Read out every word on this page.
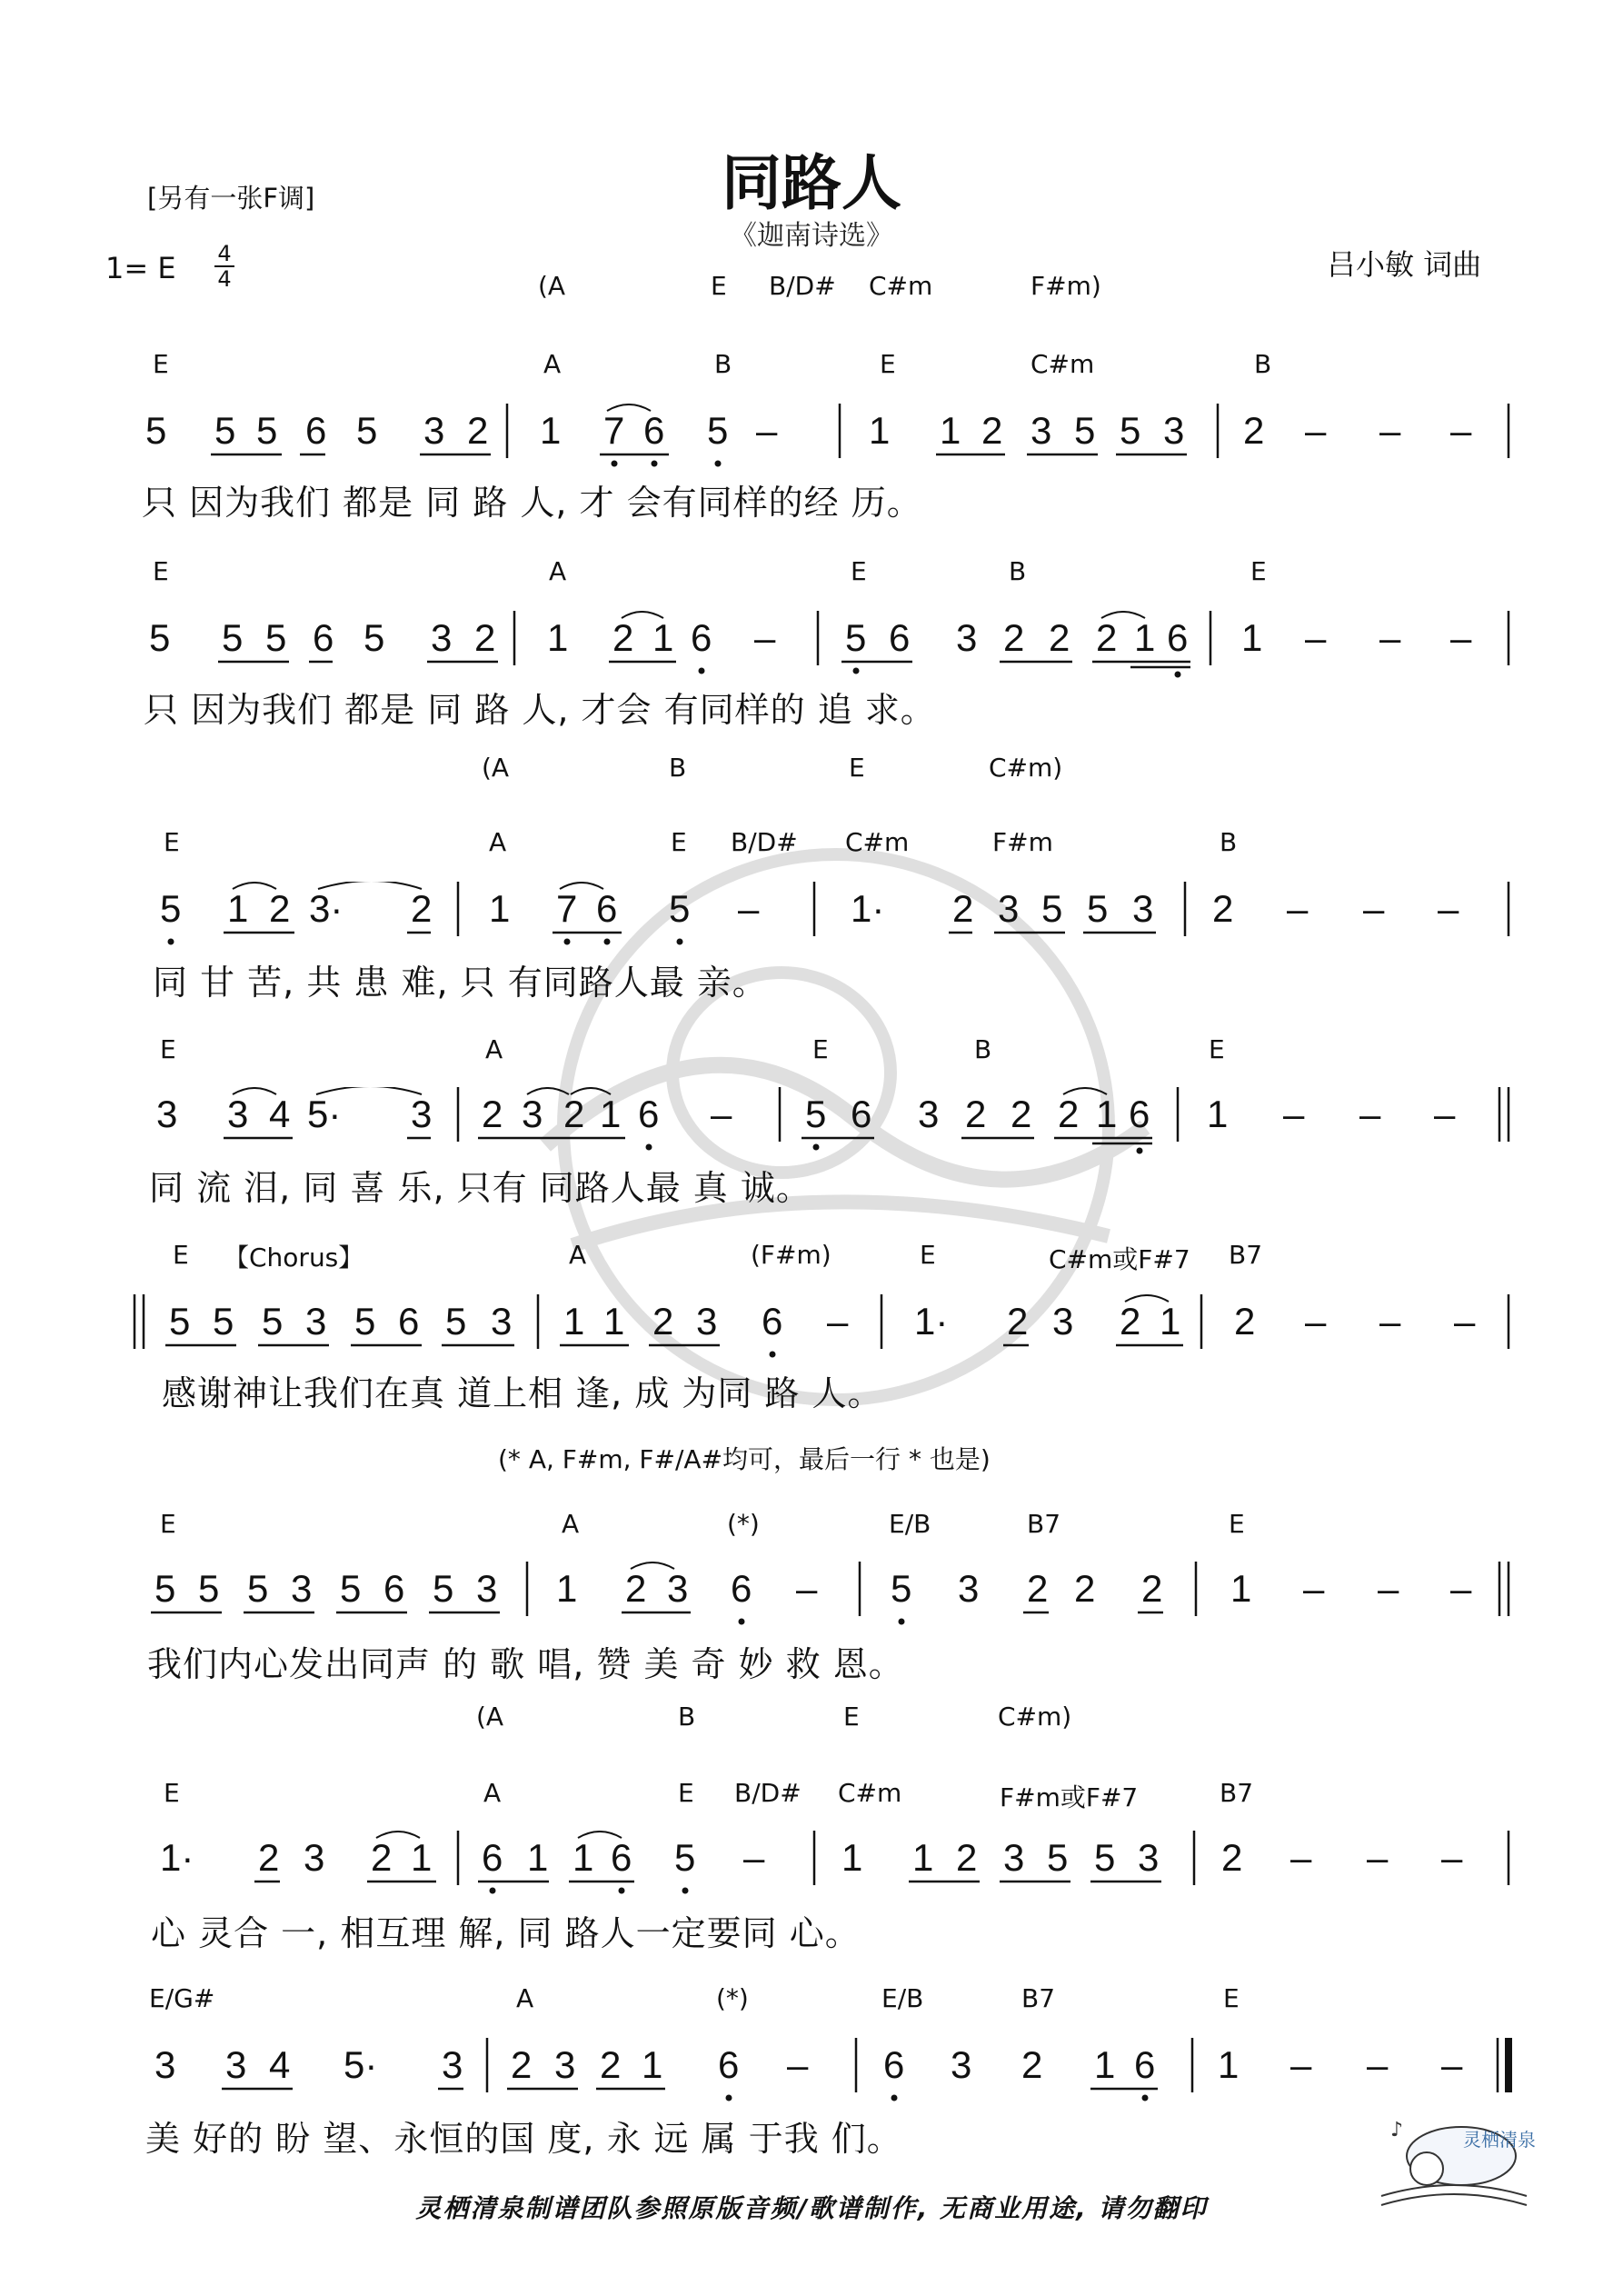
同路人
《迦南诗选》
[另有一张F调]
1= E 4
4	吕小敏 词曲
(A	E B/D# C#m	F#m)
E	A	B	E	C#m	B
5 5 5 6 5 3 2 1 7 6 5 – 1 1 2 3 5 5 3 2 – – –
只 因为我们 都是 同 路 人, 才 会有同样的经 历。
E	A	E	B	E
5 5 5 6 5 3 2 1 2 1 6 – 5 6 3 2 2 2 1 6 1 – – –
只 因为我们 都是 同 路 人, 才会 有同样的 追 求。
(A	B	E	C#m)
E	A	E B/D# C#m	F#m	B
5 1 2 3· 2 1 7 6 5 – 1· 2 3 5 5 3 2 – – –
同 甘 苦, 共 患 难, 只 有同路人最 亲。
E	A	E	B	E
3 3 4 5· 3 2 3 2 1 6 – 5 6 3 2 2 2 1 6 1 – – –
同 流 泪, 同 喜 乐, 只有 同路人最 真 诚。
E 【Chorus】	A	(F#m)	E	C#m或F#7 B7
5 5 5 3 5 6 5 3 1 1 2 3 6 – 1· 2 3 2 1 2 – – –
感谢神让我们在真 道上相 逢, 成 为同 路 人。
(* A, F#m, F#/A#均可，最后一行 * 也是)
E	A	(*)	E/B	B7	E
5 5 5 3 5 6 5 3 1 2 3 6 – 5 3 2 2 2 1 – – –
我们内心发出同声 的 歌 唱, 赞 美 奇 妙 救 恩。
(A	B	E	C#m)
E	A	E B/D# C#m	F#m或F#7	B7
1· 2 3 2 1 6 1 1 6 5 – 1 1 2 3 5 5 3 2 – – –
心 灵合 一, 相互理 解, 同 路人一定要同 心。
E/G#	A	(*)	E/B	B7	E
3 3 4 5· 3 2 3 2 1 6 – 6 3 2 1 6 1 – – –
美 好的 盼 望、永恒的国 度, 永 远 属 于我 们。
灵栖清泉制谱团队参照原版音频/歌谱制作, 无商业用途, 请勿翻印
♪	灵栖清泉
